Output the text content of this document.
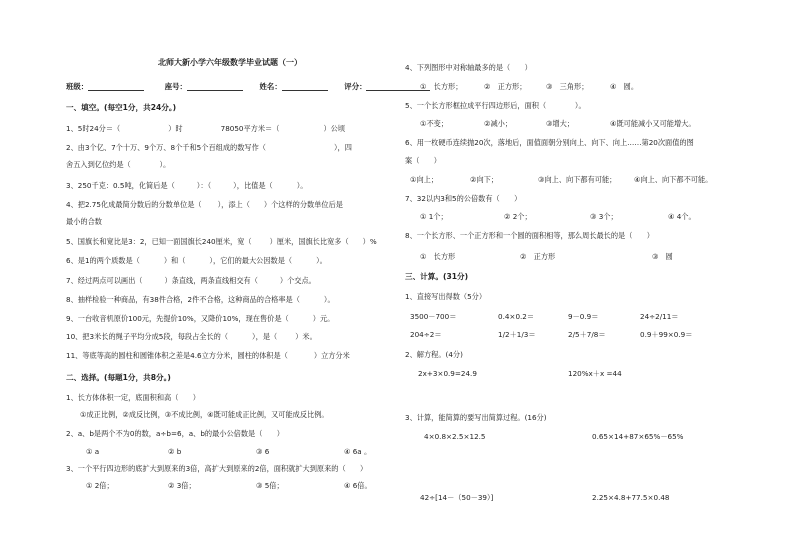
北师大新小学六年级数学毕业试题（一）
班级：	座号：	姓名：	评分：
一、填空。(每空1分，共24分。)
1、5时24分＝（	）时	78050平方米＝（	）公顷
2、由3个亿、7个十万、9个万、8个千和5个百组成的数写作（	），四
舍五入到亿位约是（　　　　）。
3、250千克：0.5吨，化简后是（	）：（	），比值是（	）。
4、把2.75化成最简分数后的分数单位是（ ），添上（ ）个这样的分数单位后是
最小的合数
5、国旗长和宽比是3：2，已知一面国旗长240厘米，宽（	）厘米，国旗长比宽多（ ）%
6、是1的两个质数是（	）和（	），它们的最大公因数是（	）。
7、经过两点可以画出（	）条直线，两条直线相交有（	）个交点。
8、抽样检验一种商品，有38件合格，2件不合格，这种商品的合格率是（	）。
9、一台收音机原价100元，先提价10%，又降价10%，现在售价是（	）元。
10、把3米长的绳子平均分成5段，每段占全长的（	），是（	）米。
11、等底等高的圆柱和圆锥体积之差是4.6立方分米，圆柱的体积是（	）立方分米
二、选择。(每题1分，共8分。)
1、长方体体积一定，底面积和高（　　）
①成正比例，②成反比例，③不成比例，④既可能成正比例，又可能成反比例。
2、a、b是两个不为0的数，a÷b=6，a、b的最小公倍数是（　　）
① a	② b	③ 6	④ 6a 。
3、一个平行四边形的底扩大到原来的3倍，高扩大到原来的2倍，面积就扩大到原来的（　　）
① 2倍；	② 3倍；	③ 5倍；	④ 6倍。
4、下列图形中对称轴最多的是（　　）
①　长方形；	②　正方形；	③　三角形；	④　圆。
5、一个长方形框拉成平行四边形后，面积（　　　　）。
①不变；	②减小；	③增大；	④既可能减小又可能增大。
6、用一枚硬币连续抛20次，落地后，面值面朝分别向上、向下、向上……第20次面值的图
案（　　）
①向上；	②向下；	③向上、向下都有可能； ④向上、向下都不可能。
7、32以内3和5的公倍数有（　　）
① 1个；	② 2个；	③ 3个；	④ 4个。
8、一个长方形、一个正方形和一个圆的面积相等，那么周长最长的是（　　）
①　长方形	②　正方形	③　圆
三、计算。(31分)
1、直接写出得数（5分）
3500－700＝	0.4×0.2＝	9－0.9＝	24÷2/11＝
204÷2＝	1/2＋1/3＝	2/5＋7/8＝	0.9＋99×0.9＝
2、解方程。(4分)
2x+3×0.9=24.9	120%x＋x =44
3、计算，能简算的要写出简算过程。(16分)
4×0.8×2.5×12.5	0.65×14+87×65%－65%
42÷[14－（50－39）]	2.25×4.8+77.5×0.48
